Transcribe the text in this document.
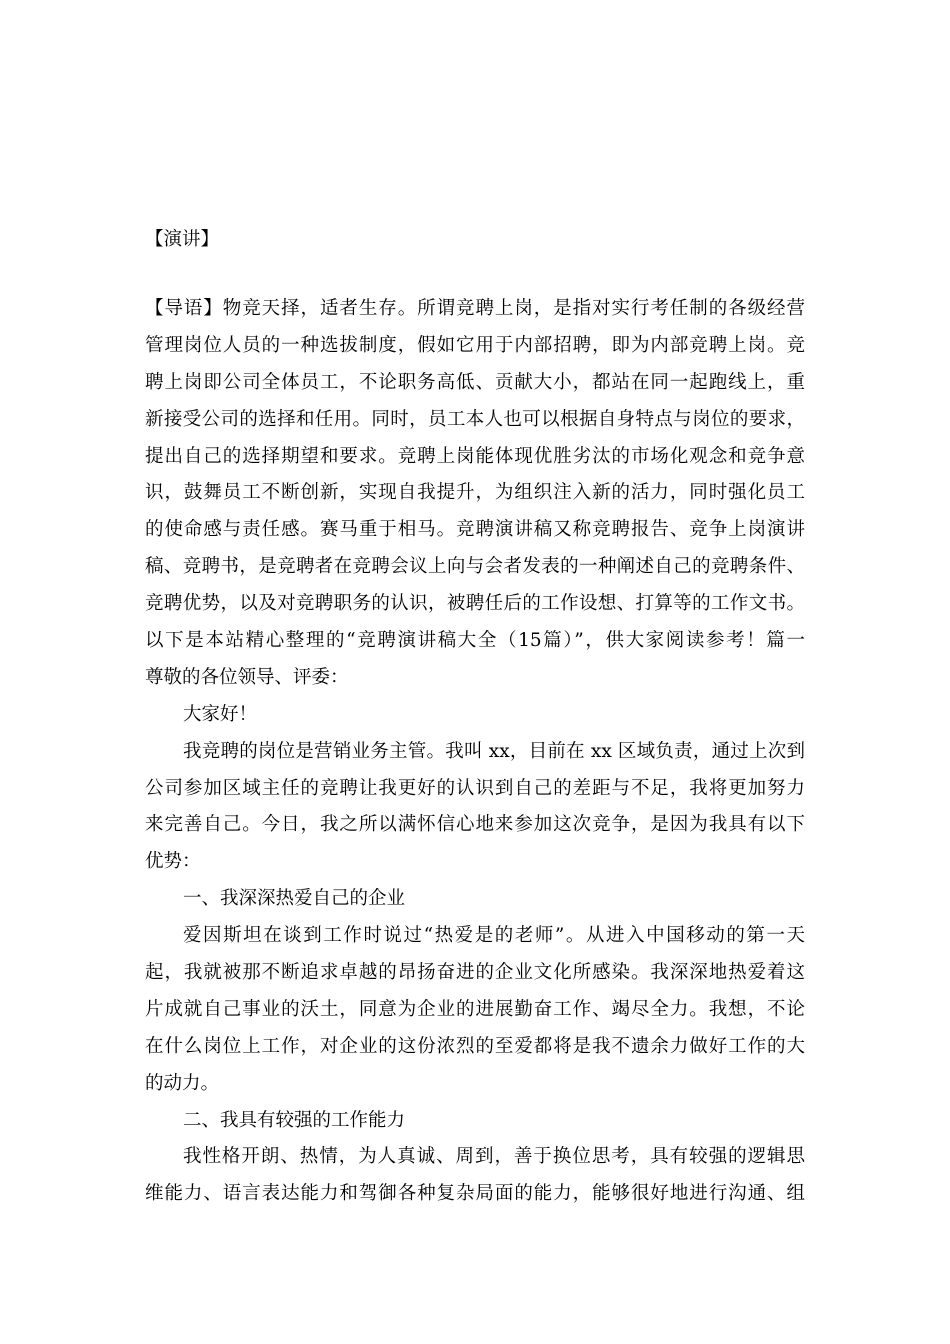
【演讲】
【导语】物竞天择，适者生存。所谓竞聘上岗，是指对实行考任制的各级经营
管理岗位人员的一种选拔制度，假如它用于内部招聘，即为内部竞聘上岗。竞
聘上岗即公司全体员工，不论职务高低、贡献大小，都站在同一起跑线上，重
新接受公司的选择和任用。同时，员工本人也可以根据自身特点与岗位的要求，
提出自己的选择期望和要求。竞聘上岗能体现优胜劣汰的市场化观念和竞争意
识，鼓舞员工不断创新，实现自我提升，为组织注入新的活力，同时强化员工
的使命感与责任感。赛马重于相马。竞聘演讲稿又称竞聘报告、竞争上岗演讲
稿、竞聘书，是竞聘者在竞聘会议上向与会者发表的一种阐述自己的竞聘条件、
竞聘优势，以及对竞聘职务的认识，被聘任后的工作设想、打算等的工作文书。
以下是本站精心整理的“竞聘演讲稿大全（15篇）”，供大家阅读参考！篇一
尊敬的各位领导、评委：
大家好！
我竞聘的岗位是营销业务主管。我叫 xx，目前在 xx 区域负责，通过上次到
公司参加区域主任的竞聘让我更好的认识到自己的差距与不足，我将更加努力
来完善自己。今日，我之所以满怀信心地来参加这次竞争，是因为我具有以下
优势：
一、我深深热爱自己的企业
爱因斯坦在谈到工作时说过“热爱是的老师”。从进入中国移动的第一天
起，我就被那不断追求卓越的昂扬奋进的企业文化所感染。我深深地热爱着这
片成就自己事业的沃土，同意为企业的进展勤奋工作、竭尽全力。我想，不论
在什么岗位上工作，对企业的这份浓烈的至爱都将是我不遗余力做好工作的大
的动力。
二、我具有较强的工作能力
我性格开朗、热情，为人真诚、周到，善于换位思考，具有较强的逻辑思
维能力、语言表达能力和驾御各种复杂局面的能力，能够很好地进行沟通、组
